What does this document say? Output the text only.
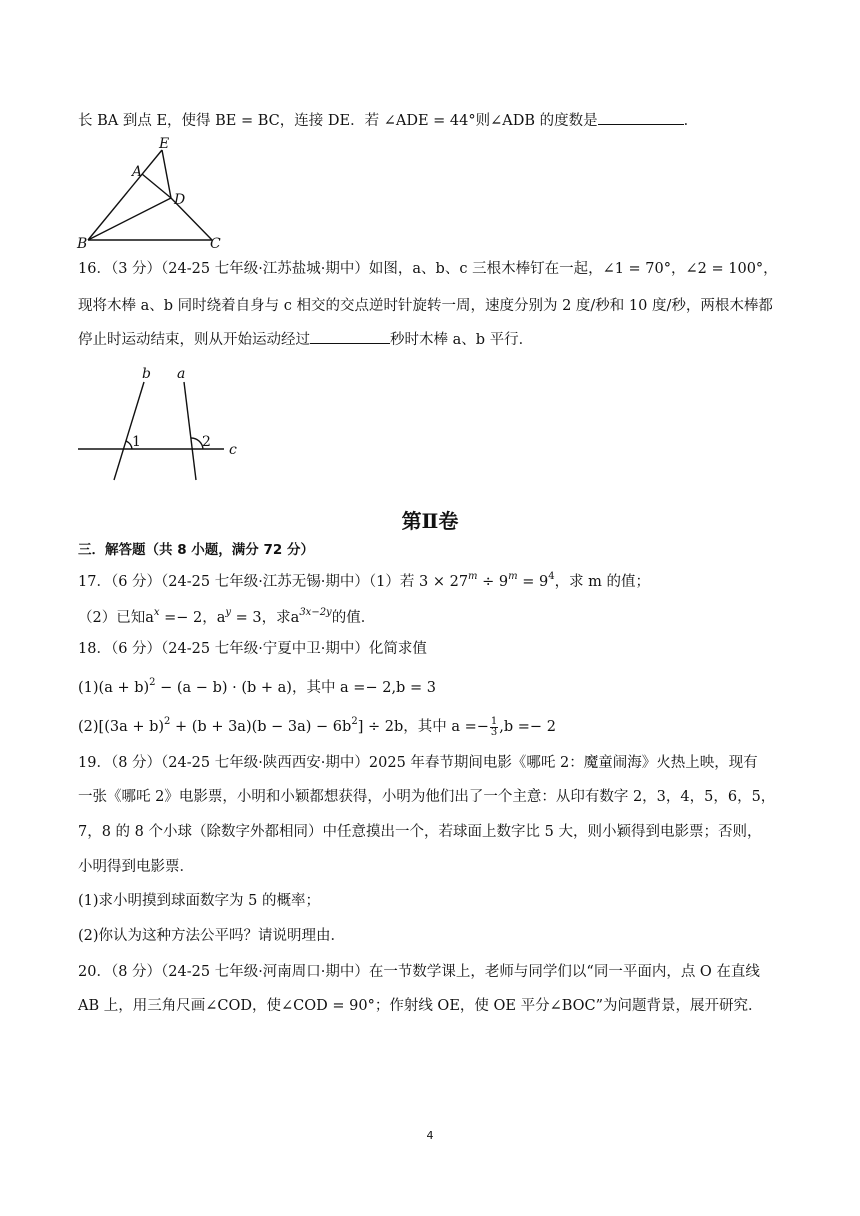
长 BA 到点 E，使得 BE = BC，连接 DE．若 ∠ADE = 44°则∠ADB 的度数是	．
E
A
D
B	C
16．（3 分）（24-25 七年级·江苏盐城·期中）如图，a、b、c 三根木棒钉在一起，∠1 = 70°，∠2 = 100°，
现将木棒 a、b 同时绕着自身与 c 相交的交点逆时针旋转一周，速度分别为 2 度/秒和 10 度/秒，两根木棒都
停止时运动结束，则从开始运动经过	秒时木棒 a、b 平行．
b a
1	2 c
第Ⅱ卷
三．解答题（共 8 小题，满分 72 分）
17．（6 分）（24-25 七年级·江苏无锡·期中）（1）若 $3 \times 27^m \div 9^m = 9^4$，求 m 的值；
（2）已知$a^x =- 2$，$a^y = 3$，求$a^{3x-2y}$的值．
18．（6 分）（24-25 七年级·宁夏中卫·期中）化简求值
$(1)(a + b)^2 - (a - b) \cdot (b + a)$，其中 a =− 2,b = 3
$(2)[(3a + b)^2 + (b + 3a)(b - 3a) - 6b^2] \div 2b$，其中 $a =- \frac{1}{3} ,b =- 2$
19．（8 分）（24-25 七年级·陕西西安·期中）2025 年春节期间电影《哪吒 2：魔童闹海》火热上映，现有
一张《哪吒 2》电影票，小明和小颖都想获得，小明为他们出了一个主意：从印有数字 2，3，4，5，6，5，
7，8 的 8 个小球（除数字外都相同）中任意摸出一个，若球面上数字比 5 大，则小颖得到电影票；否则，
小明得到电影票．
(1)求小明摸到球面数字为 5 的概率；
(2)你认为这种方法公平吗？请说明理由．
20．（8 分）（24-25 七年级·河南周口·期中）在一节数学课上，老师与同学们以“同一平面内，点 O 在直线
AB 上，用三角尺画∠COD，使∠COD = 90°；作射线 OE，使 OE 平分∠BOC”为问题背景，展开研究．
4
